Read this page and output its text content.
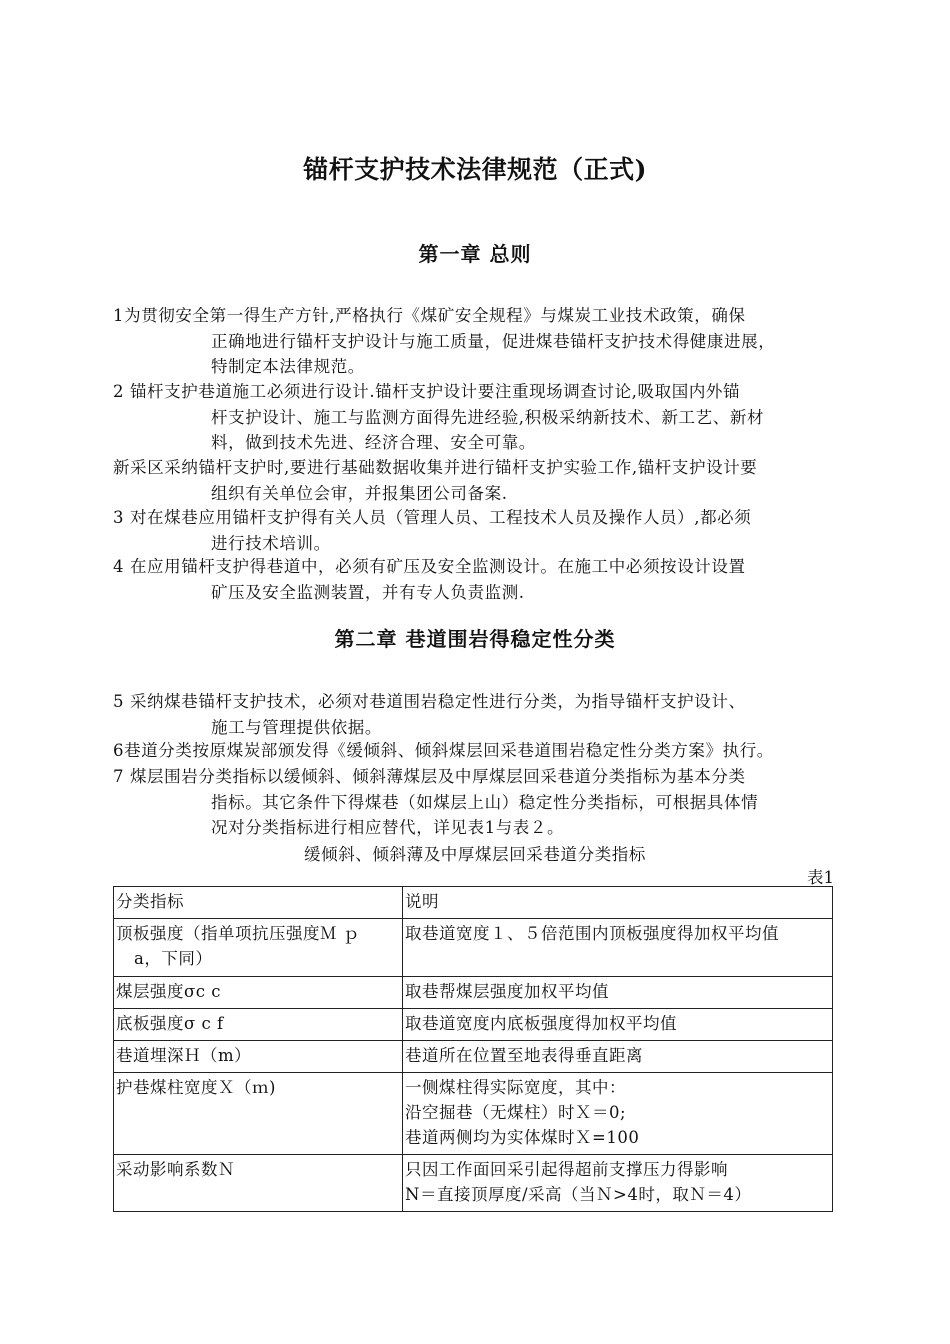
锚杆支护技术法律规范（正式)
第一章 总则
1为贯彻安全第一得生产方针,严格执行《煤矿安全规程》与煤炭工业技术政策，确保
正确地进行锚杆支护设计与施工质量，促进煤巷锚杆支护技术得健康进展，
特制定本法律规范。
2 锚杆支护巷道施工必须进行设计.锚杆支护设计要注重现场调查讨论,吸取国内外锚
杆支护设计、施工与监测方面得先进经验,积极采纳新技术、新工艺、新材
料，做到技术先进、经济合理、安全可靠。
新采区采纳锚杆支护时,要进行基础数据收集并进行锚杆支护实验工作,锚杆支护设计要
组织有关单位会审，并报集团公司备案.
3 对在煤巷应用锚杆支护得有关人员（管理人员、工程技术人员及操作人员）,都必须
进行技术培训。
4 在应用锚杆支护得巷道中，必须有矿压及安全监测设计。在施工中必须按设计设置
矿压及安全监测装置，并有专人负责监测.
第二章 巷道围岩得稳定性分类
5 采纳煤巷锚杆支护技术，必须对巷道围岩稳定性进行分类，为指导锚杆支护设计、
施工与管理提供依据。
6巷道分类按原煤炭部颁发得《缓倾斜、倾斜煤层回采巷道围岩稳定性分类方案》执行。
7 煤层围岩分类指标以缓倾斜、倾斜薄煤层及中厚煤层回采巷道分类指标为基本分类
指标。其它条件下得煤巷（如煤层上山）稳定性分类指标，可根据具体情
况对分类指标进行相应替代，详见表1与表２。
缓倾斜、倾斜薄及中厚煤层回采巷道分类指标
表1
分类指标	说明

顶板强度（指单项抗压强度Ｍ ｐ
a，下同）	取巷道宽度１、５倍范围内顶板强度得加权平均值

煤层强度σc c	取巷帮煤层强度加权平均值

底板强度σ c f	取巷道宽度内底板强度得加权平均值

巷道埋深Ｈ（m）	巷道所在位置至地表得垂直距离

护巷煤柱宽度Ｘ（ｍ)	一侧煤柱得实际宽度，其中：
沿空掘巷（无煤柱）时Ｘ＝0;
巷道两侧均为实体煤时Ｘ=100

采动影响系数Ｎ	只因工作面回采引起得超前支撑压力得影响
N＝直接顶厚度/采高（当Ｎ>4时，取Ｎ＝4）
